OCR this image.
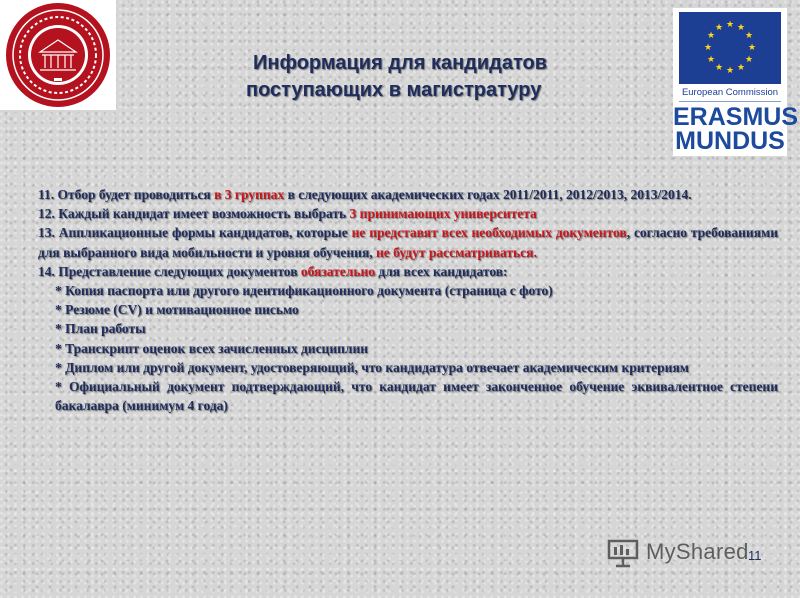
★ ★
★
★
★
★
★
★
★
★
★
★
European Commission
ERASMUS
MUNDUS
Информация для кандидатов
поступающих в магистратуру

11. Отбор будет проводиться в 3 группах в следующих академических годах 2011/2011, 2012/2013, 2013/2014.

12. Каждый кандидат имеет возможность выбрать 3 принимающих университета

13. Аппликационные формы кандидатов, которые не представят всех необходимых документов, согласно требованиями для выбранного вида мобильности и уровня обучения, не будут рассматриваться.

14. Представление следующих документов обязательно для всех кандидатов:

* Копия паспорта или другого идентификационного документа (страница с фото)

* Резюме (CV) и мотивационное письмо

* План работы

* Транскрипт оценок всех зачисленных дисциплин

* Диплом или другой документ, удостоверяющий, что кандидатура отвечает академическим критериям

* Официальный документ подтверждающий, что кандидат имеет законченное обучение эквивалентное степени бакалавра (минимум 4 года)

MyShared 11
